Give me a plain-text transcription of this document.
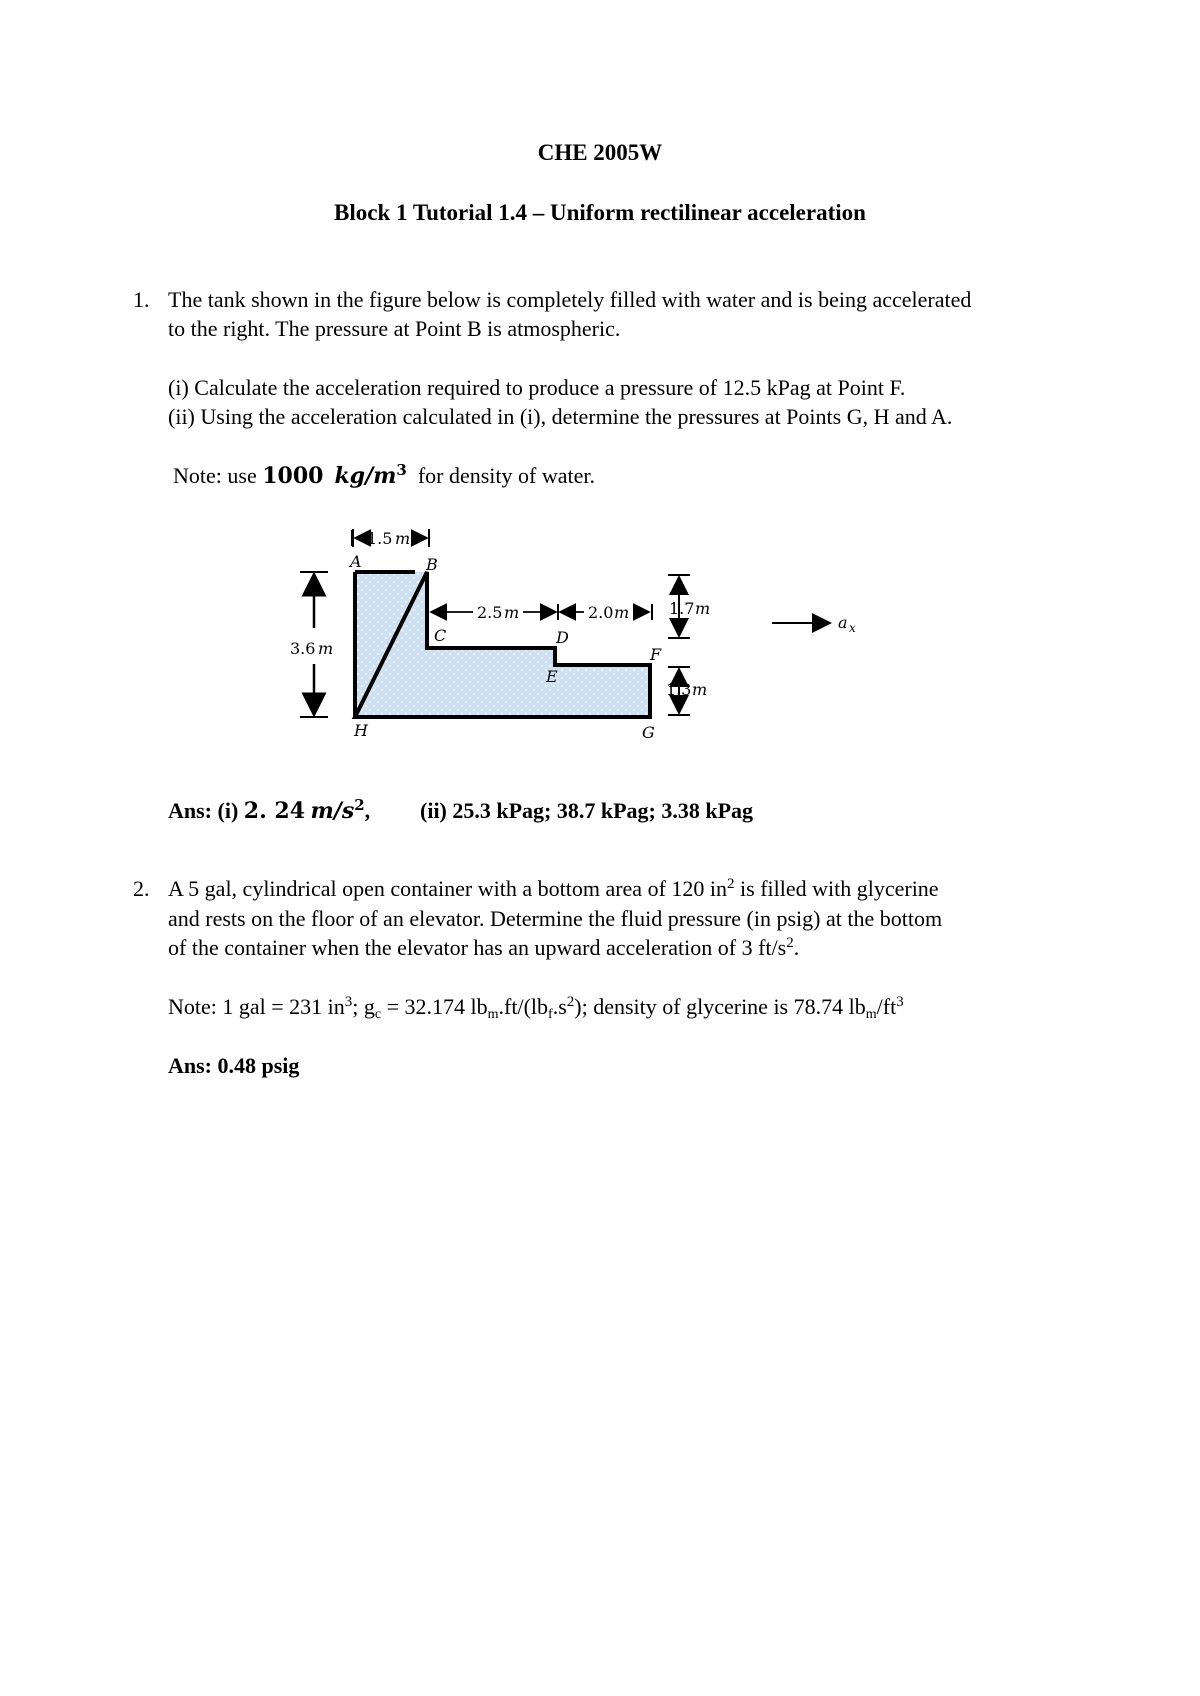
CHE 2005W
Block 1 Tutorial 1.4 – Uniform rectilinear acceleration
1. The tank shown in the figure below is completely filled with water and is being accelerated
to the right. The pressure at Point B is atmospheric.
(i) Calculate the acceleration required to produce a pressure of 12.5 kPag at Point F.
(ii) Using the acceleration calculated in (i), determine the pressures at Points G, H and A.
Note: use 1000 $kg/m^3$  for density of water.
A	B
C	D
E
F
G
H
2.5 m	2.0 m
3.6 m
1.7 m
1.3 m
a x
1.5 m
Ans: (i) 2. 24 $m/s^2$, (ii) 25.3 kPag; 38.7 kPag; 3.38 kPag
2. A 5 gal, cylindrical open container with a bottom area of 120 $in^2$ is filled with glycerine
and rests on the floor of an elevator. Determine the fluid pressure (in psig) at the bottom
of the container when the elevator has an upward acceleration of 3 $ft/s^2$.
Note: 1 gal = 231 $in^3$; $g_c = 32.174$ $lb_m.ft/(lb_f.s^2)$; density of glycerine is 78.74 $lb_m/ft^3$
Ans: 0.48 psig
